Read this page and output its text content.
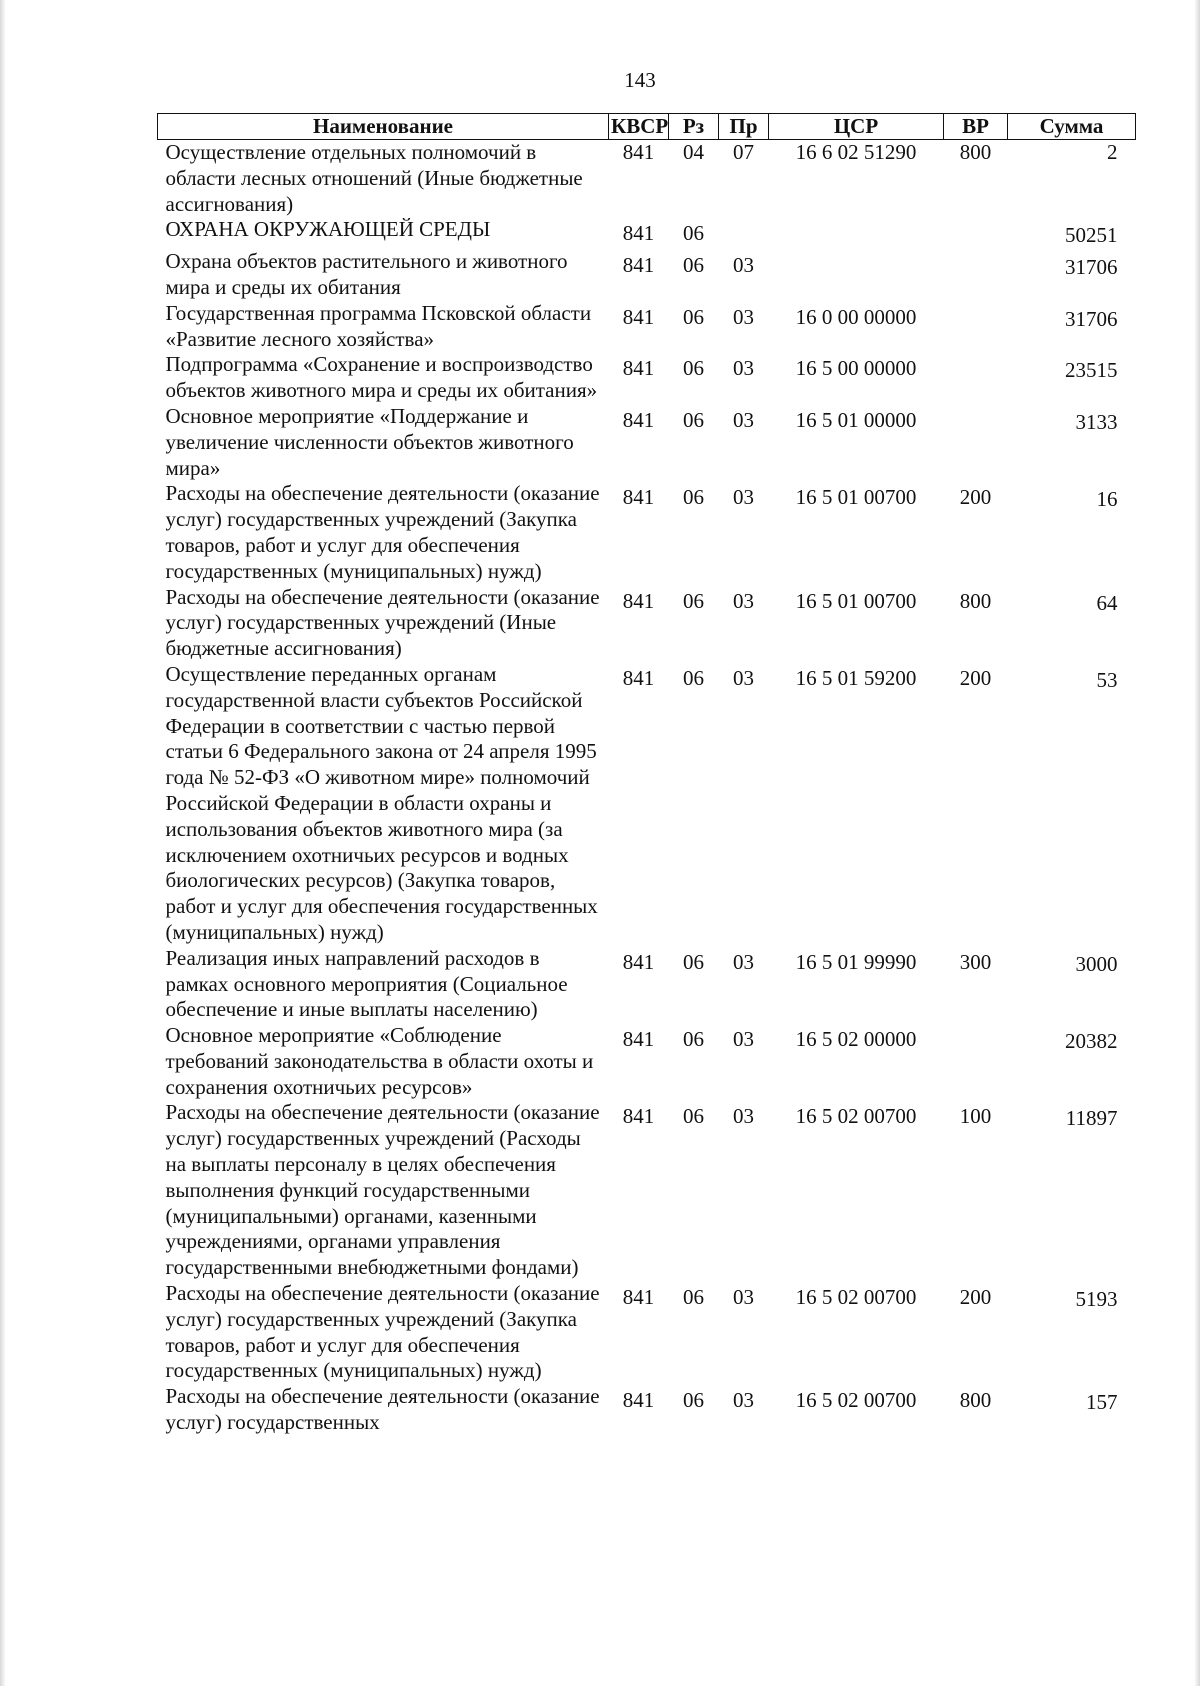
143
Наименование	КВСР	Рз	Пр	ЦСР	ВР	Сумма
Осуществление отдельных полномочий в области лесных отношений (Иные бюджетные ассигнования)	841	04	07	16 6 02 51290	800	2
ОХРАНА ОКРУЖАЮЩЕЙ СРЕДЫ	841	06				50251
Охрана объектов растительного и животного мира и среды их обитания	841	06	03			31706
Государственная программа Псковской области «Развитие лесного хозяйства»	841	06	03	16 0 00 00000		31706
Подпрограмма «Сохранение и воспроизводство объектов животного мира и среды их обитания»	841	06	03	16 5 00 00000		23515
Основное мероприятие «Поддержание и увеличение численности объектов животного мира»	841	06	03	16 5 01 00000		3133
Расходы на обеспечение деятельности (оказание услуг) государственных учреждений (Закупка товаров, работ и услуг для обеспечения государственных (муниципальных) нужд)	841	06	03	16 5 01 00700	200	16
Расходы на обеспечение деятельности (оказание услуг) государственных учреждений (Иные бюджетные ассигнования)	841	06	03	16 5 01 00700	800	64
Осуществление переданных органам государственной власти субъектов Российской Федерации в соответствии с частью первой статьи 6 Федерального закона от 24 апреля 1995 года № 52-ФЗ «О животном мире» полномочий Российской Федерации в области охраны и использования объектов животного мира (за исключением охотничьих ресурсов и водных биологических ресурсов) (Закупка товаров, работ и услуг для обеспечения государственных (муниципальных) нужд)	841	06	03	16 5 01 59200	200	53
Реализация иных направлений расходов в рамках основного мероприятия (Социальное обеспечение и иные выплаты населению)	841	06	03	16 5 01 99990	300	3000
Основное мероприятие «Соблюдение требований законодательства в области охоты и сохранения охотничьих ресурсов»	841	06	03	16 5 02 00000		20382
Расходы на обеспечение деятельности (оказание услуг) государственных учреждений (Расходы на выплаты персоналу в целях обеспечения выполнения функций государственными (муниципальными) органами, казенными учреждениями, органами управления государственными внебюджетными фондами)	841	06	03	16 5 02 00700	100	11897
Расходы на обеспечение деятельности (оказание услуг) государственных учреждений (Закупка товаров, работ и услуг для обеспечения государственных (муниципальных) нужд)	841	06	03	16 5 02 00700	200	5193
Расходы на обеспечение деятельности (оказание услуг) государственных	841	06	03	16 5 02 00700	800	157
